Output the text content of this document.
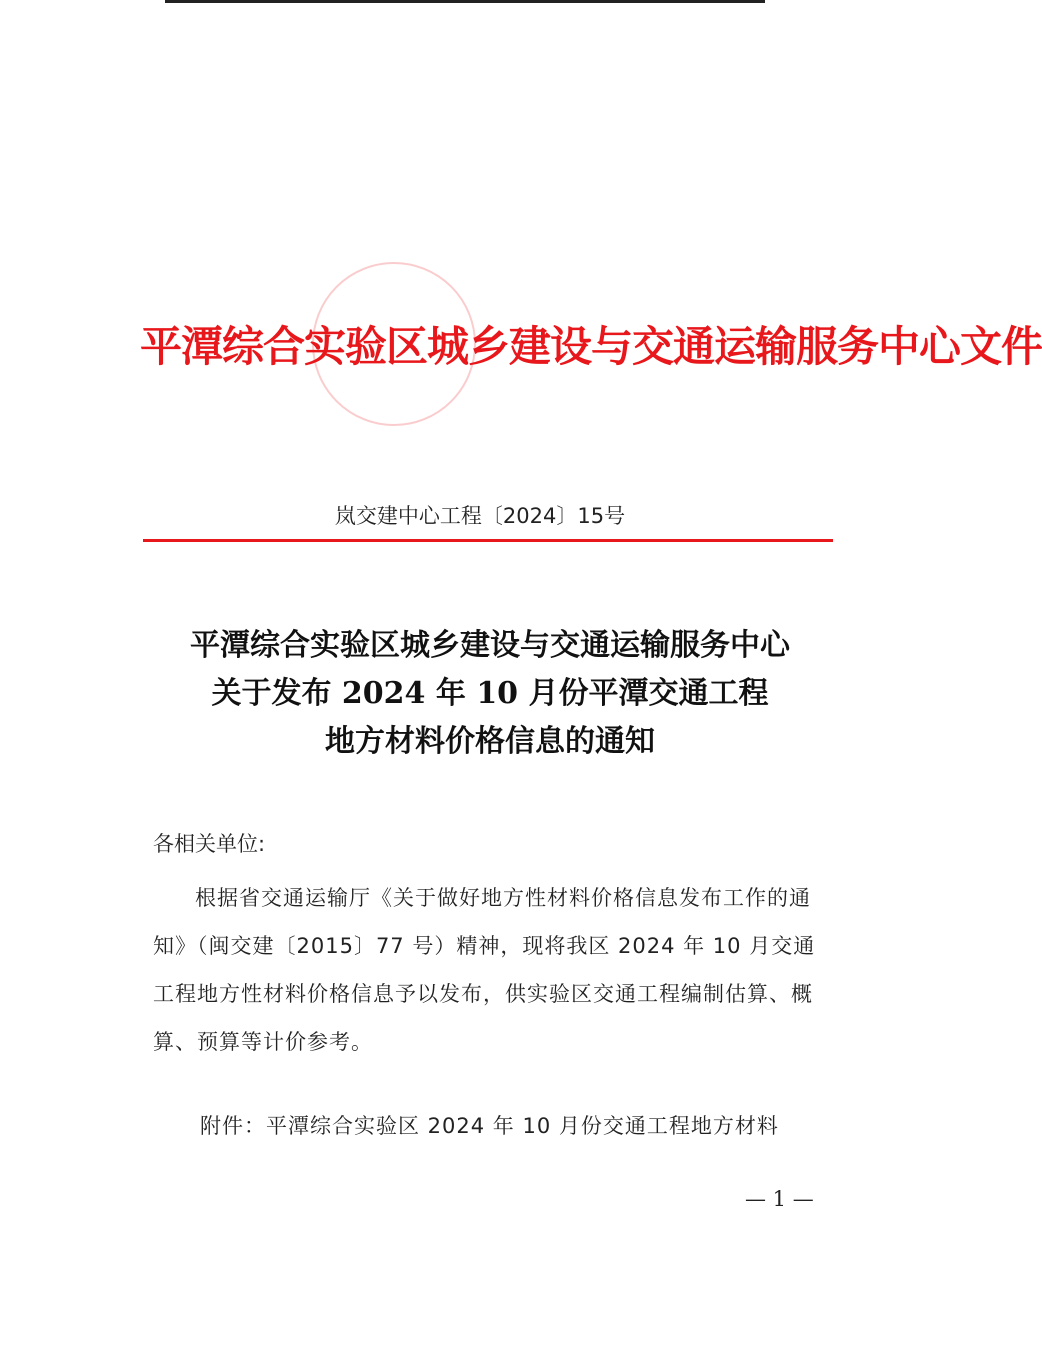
平潭综合实验区城乡建设与交通运输服务中心文件
岚交建中心工程〔2024〕15号
平潭综合实验区城乡建设与交通运输服务中心
关于发布 2024 年 10 月份平潭交通工程
地方材料价格信息的通知
各相关单位:
根据省交通运输厅《关于做好地方性材料价格信息发布工作的通知》（闽交建〔2015〕77 号）精神，现将我区 2024 年 10 月交通工程地方性材料价格信息予以发布，供实验区交通工程编制估算、概算、预算等计价参考。
附件：平潭综合实验区 2024 年 10 月份交通工程地方材料
— 1 —
